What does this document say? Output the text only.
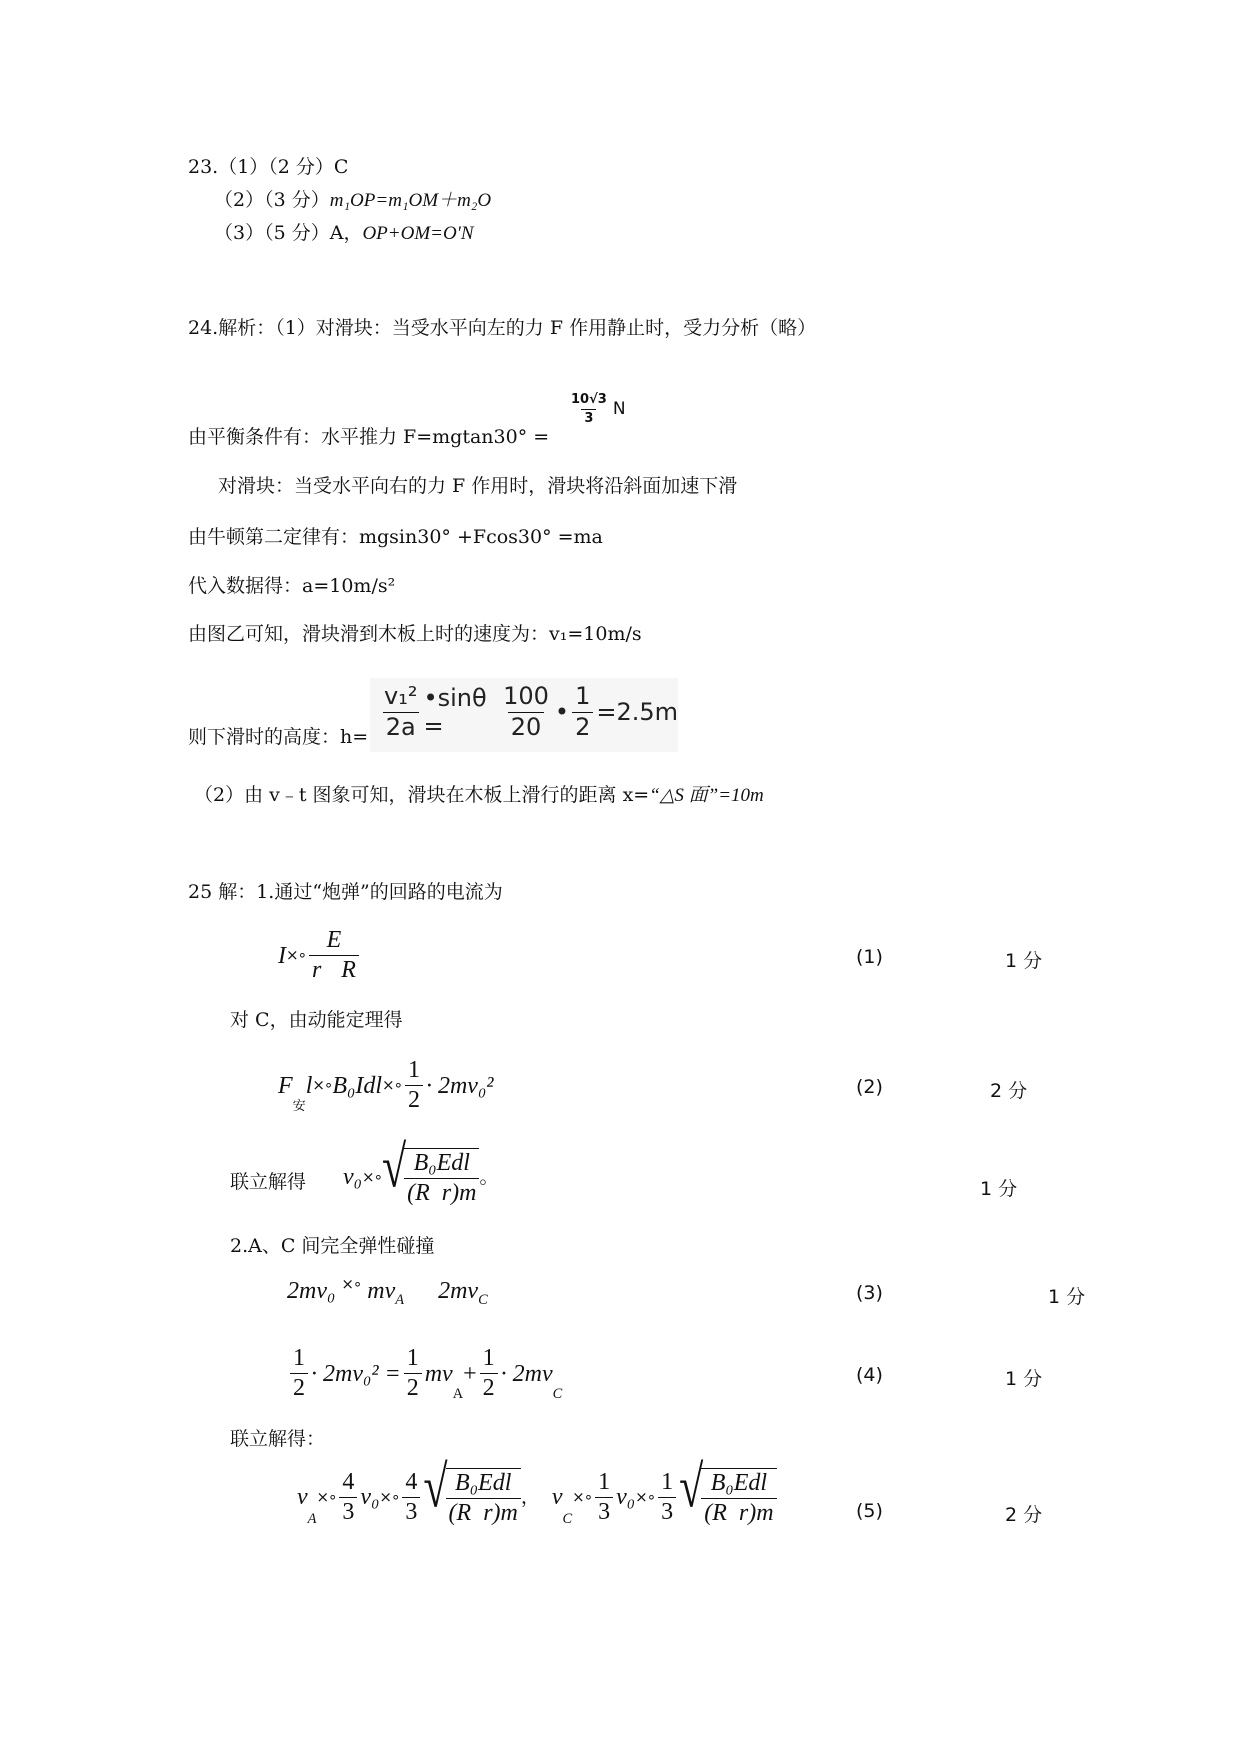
23.（1）（2 分）C
（2）（3 分）m₁OP=m₁OM＋m₂O
（3）（5 分）A，OP+OM=O′N
24.解析：（1）对滑块：当受水平向左的力 F 作用静止时，受力分析（略）
由平衡条件有：水平推力 F=mgtan30° =
$\frac{10√3}{3}$ N
对滑块：当受水平向右的力 F 作用时，滑块将沿斜面加速下滑
由牛顿第二定律有：mgsin30° +Fcos30° =ma
代入数据得：a=10m/s²
由图乙可知，滑块滑到木板上时的速度为：v₁=10m/s
则下滑时的高度：$h= \frac{\text{v₁²}}{2a}$ •sinθ =	$\frac{100}{20}$ • $\frac{1}{2} =2.5m$
（2）由 v﹣t 图象可知，滑块在木板上滑行的距离 x=“△S 面”=10m
25 解：1.通过“炮弹”的回路的电流为
I ×∘ $\frac{E}{\text{r R}}$	(1)	1 分
对 C，由动能定理得
F
安
l ×∘ B₀Idl ×∘ $\frac{1}{2} \cdot 2mv_0^2$	(2)	2 分
联立解得 v₀ ×∘ √
$\frac{\text{B₀Edl}}{\text{(R  r)m}}$ 。
1 分
2.A、C 间完全弹性碰撞
2mv₀ ×∘ $mv_A$ $2mv_C$	(3)	1 分
$\frac{1}{2} \cdot 2mv_0^2 = \frac{1}{2}$ mv
A
+ $\frac{1}{2} \cdot 2mv$
C
(4)	1 分
联立解得：
v
A
×∘ $\frac{4}{3} v_0$ ×∘ $\frac{4}{3}$ √
$\frac{\text{B₀Edl}}{\text{(R  r)m}}$ ， v
C
×∘ $\frac{1}{3} v_0$ ×∘ $\frac{1}{3}$ √
$\frac{\text{B₀Edl}}{\text{(R  r)m}}$	(5)	2 分
